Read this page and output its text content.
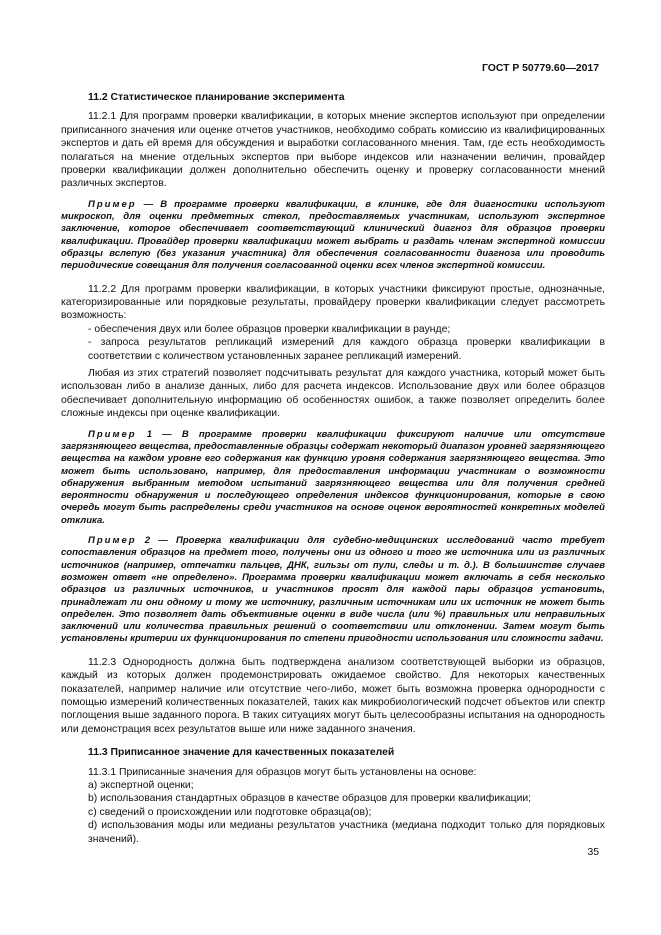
ГОСТ Р 50779.60—2017
11.2 Статистическое планирование эксперимента

11.2.1 Для программ проверки квалификации, в которых мнение экспертов используют при определении приписанного значения или оценке отчетов участников, необходимо собрать комиссию из квалифицированных экспертов и дать ей время для обсуждения и выработки согласованного мнения. Там, где есть необходимость полагаться на мнение отдельных экспертов при выборе индексов или назначении величин, провайдер проверки квалификации должен дополнительно обеспечить оценку и проверку согласованности мнений различных экспертов.

Пример — В программе проверки квалификации, в клинике, где для диагностики используют микроскоп, для оценки предметных стекол, предоставляемых участникам, используют экспертное заключение, которое обеспечивает соответствующий клинический диагноз для образцов проверки квалификации. Провайдер проверки квалификации может выбрать и раздать членам экспертной комиссии образцы вслепую (без указания участника) для обеспечения согласованности диагноза или проводить периодические совещания для получения согласованной оценки всех членов экспертной комиссии.

11.2.2 Для программ проверки квалификации, в которых участники фиксируют простые, однозначные, категоризированные или порядковые результаты, провайдеру проверки квалификации следует рассмотреть возможность:

- обеспечения двух или более образцов проверки квалификации в раунде;

- запроса результатов репликаций измерений для каждого образца проверки квалификации в соответствии с количеством установленных заранее репликаций измерений.

Любая из этих стратегий позволяет подсчитывать результат для каждого участника, который может быть использован либо в анализе данных, либо для расчета индексов. Использование двух или более образцов обеспечивает дополнительную информацию об особенностях ошибок, а также позволяет определить более сложные индексы при оценке квалификации.

Пример 1 — В программе проверки квалификации фиксируют наличие или отсутствие загрязняющего вещества, предоставленные образцы содержат некоторый диапазон уровней загрязняющего вещества на каждом уровне его содержания как функцию уровня содержания загрязняющего вещества. Это может быть использовано, например, для предоставления информации участникам о возможности обнаружения выбранным методом испытаний загрязняющего вещества или для получения средней вероятности обнаружения и последующего определения индексов функционирования, которые в свою очередь могут быть распределены среди участников на основе оценок вероятностей конкретных моделей отклика.

Пример 2 — Проверка квалификации для судебно-медицинских исследований часто требует сопоставления образцов на предмет того, получены они из одного и того же источника или из различных источников (например, отпечатки пальцев, ДНК, гильзы от пули, следы и т. д.). В большинстве случаев возможен ответ «не определено». Программа проверки квалификации может включать в себя несколько образцов из различных источников, и участников просят для каждой пары образцов установить, принадлежат ли они одному и тому же источнику, различным источникам или их источник не может быть определен. Это позволяет дать объективные оценки в виде числа (или %) правильных или неправильных заключений или количества правильных решений о соответствии или отклонении. Затем могут быть установлены критерии их функционирования по степени пригодности использования или сложности задачи.

11.2.3 Однородность должна быть подтверждена анализом соответствующей выборки из образцов, каждый из которых должен продемонстрировать ожидаемое свойство. Для некоторых качественных показателей, например наличие или отсутствие чего-либо, может быть возможна проверка однородности с помощью измерений количественных показателей, таких как микробиологический подсчет объектов или спектр поглощения выше заданного порога. В таких ситуациях могут быть целесообразны испытания на однородность или демонстрация всех результатов выше или ниже заданного значения.

11.3 Приписанное значение для качественных показателей

11.3.1 Приписанные значения для образцов могут быть установлены на основе:

a) экспертной оценки;

b) использования стандартных образцов в качестве образцов для проверки квалификации;

c) сведений о происхождении или подготовке образца(ов);

d) использования моды или медианы результатов участника (медиана подходит только для порядковых значений).

35
